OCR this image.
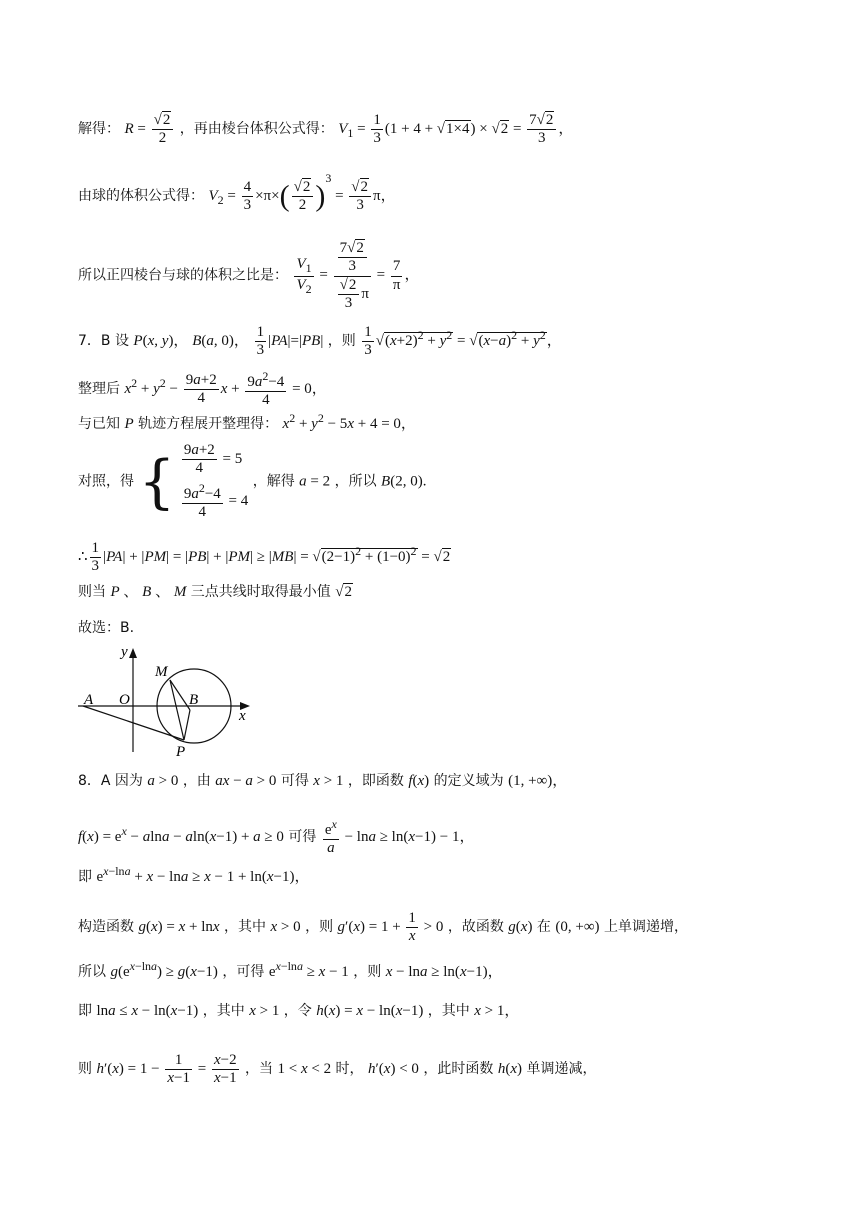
解得： $R = \frac{√2}{2}$ ，再由棱台体积公式得： $V_1 = \frac{1}{3} (1 + 4 + √1\times 4) \times √2 = \frac{7√2}{3}$ ，
由球的体积公式得： $V_2 = \frac{4}{3} \times\pi\times( \frac{√2}{2} )^3 = \frac{√2}{3}$ π，
所以正四棱台与球的体积之比是： $\frac{V_1}{V_2} = \frac{\frac{7√2}{3}}{\frac{√2}{3} \pi} = \frac{7}{\pi}$ ，
7．B 设 P(x, y)， B(a, 0)， $\frac{1}{3} |PA|=|PB|$ ，则 $\frac{1}{3} √(x+2)^2 + y^2 = √(x-a)^2 + y^2$，
整理后 $x^2 + y^2 - \frac{9a+2}{4}$ $x + \frac{9a^2-4}{4} = 0$，
与已知 P 轨迹方程展开整理得： $x^2 + y^2 - 5x + 4 = 0$，
对照，得 { $\frac{9a+2}{4} = 5$
$\frac{9a^2-4}{4} = 4$
，解得 a = 2 ，所以 B(2, 0).
∴ $\frac{1}{3} |PA| + |PM| = |PB| + |PM| \ge |MB| = √(2-1)^2 + (1-0)^2 = √2$
则当 P 、 B 、 M 三点共线时取得最小值 √2
故选：B.
y
x
A O	B
M
P
8．A 因为 a > 0 ，由 ax − a > 0 可得 x > 1 ，即函数 f(x) 的定义域为 (1, +∞)，
$f(x) = e^x - alna - aln(x-1) + a \ge 0$ 可得 $\frac{e^x}{a} - \ln a \ge \ln(x-1) - 1$，
即 $e^{x-lna} + x - \ln a \ge x - 1 + \ln(x-1)$，
构造函数 g(x) = x + lnx ，其中 x > 0 ，则 $g'(x) = 1 + \frac{1}{x} > 0$ ，故函数 g(x) 在 (0, +∞) 上单调递增，
所以 $g(e^{x-lna}) \ge g(x-1)$ ，可得 $e^{x-lna} \ge x - 1$ ，则 x − lna ≥ ln(x−1)，
即 lna ≤ x − ln(x−1) ，其中 x > 1 ，令 h(x) = x − ln(x−1) ，其中 x > 1，
则 $h'(x) = 1 - \frac{1}{x-1} = \frac{x-2}{x-1}$ ，当 1 < x < 2 时， h′(x) < 0 ，此时函数 h(x) 单调递减，
